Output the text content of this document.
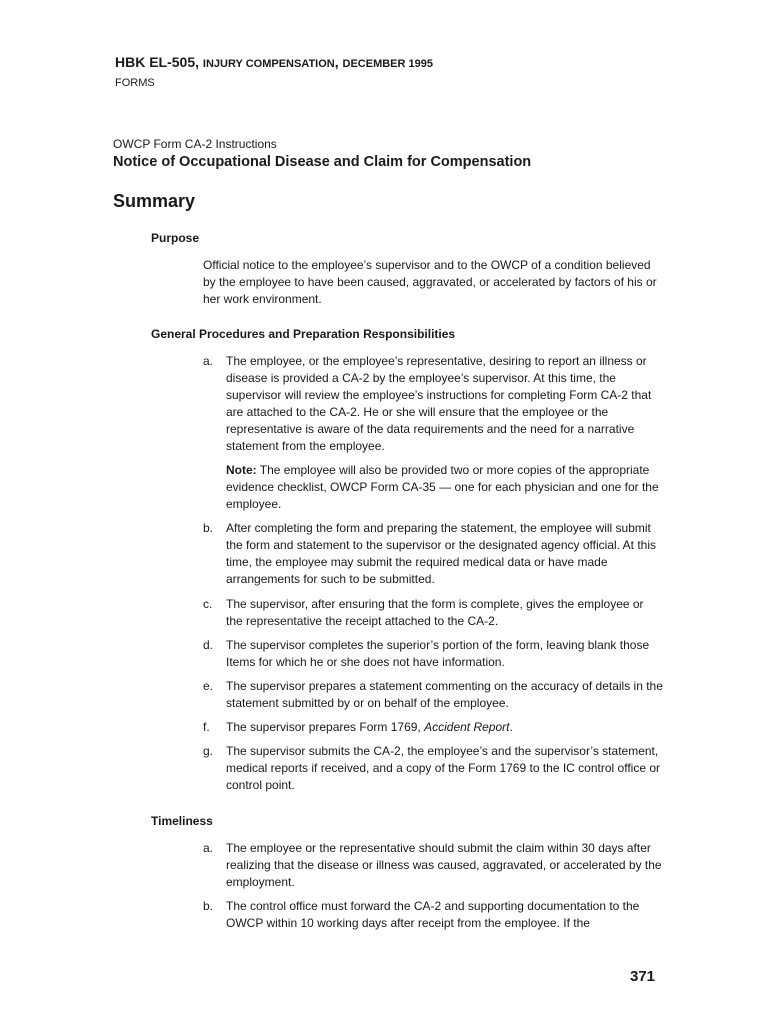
HBK EL-505, INJURY COMPENSATION, DECEMBER 1995
FORMS
OWCP Form CA-2 Instructions
Notice of Occupational Disease and Claim for Compensation
Summary
Purpose
Official notice to the employee’s supervisor and to the OWCP of a condition believed by the employee to have been caused, aggravated, or accelerated by factors of his or her work environment.
General Procedures and Preparation Responsibilities
a. The employee, or the employee’s representative, desiring to report an illness or disease is provided a CA-2 by the employee’s supervisor. At this time, the supervisor will review the employee’s instructions for completing Form CA-2 that are attached to the CA-2. He or she will ensure that the employee or the representative is aware of the data requirements and the need for a narrative statement from the employee.
Note: The employee will also be provided two or more copies of the appropriate evidence checklist, OWCP Form CA-35 — one for each physician and one for the employee.
b. After completing the form and preparing the statement, the employee will submit the form and statement to the supervisor or the designated agency official. At this time, the employee may submit the required medical data or have made arrangements for such to be submitted.
c. The supervisor, after ensuring that the form is complete, gives the employee or the representative the receipt attached to the CA-2.
d. The supervisor completes the superior’s portion of the form, leaving blank those Items for which he or she does not have information.
e. The supervisor prepares a statement commenting on the accuracy of details in the statement submitted by or on behalf of the employee.
f. The supervisor prepares Form 1769, Accident Report.
g. The supervisor submits the CA-2, the employee’s and the supervisor’s statement, medical reports if received, and a copy of the Form 1769 to the IC control office or control point.
Timeliness
a. The employee or the representative should submit the claim within 30 days after realizing that the disease or illness was caused, aggravated, or accelerated by the employment.
b. The control office must forward the CA-2 and supporting documentation to the OWCP within 10 working days after receipt from the employee. If the
371
